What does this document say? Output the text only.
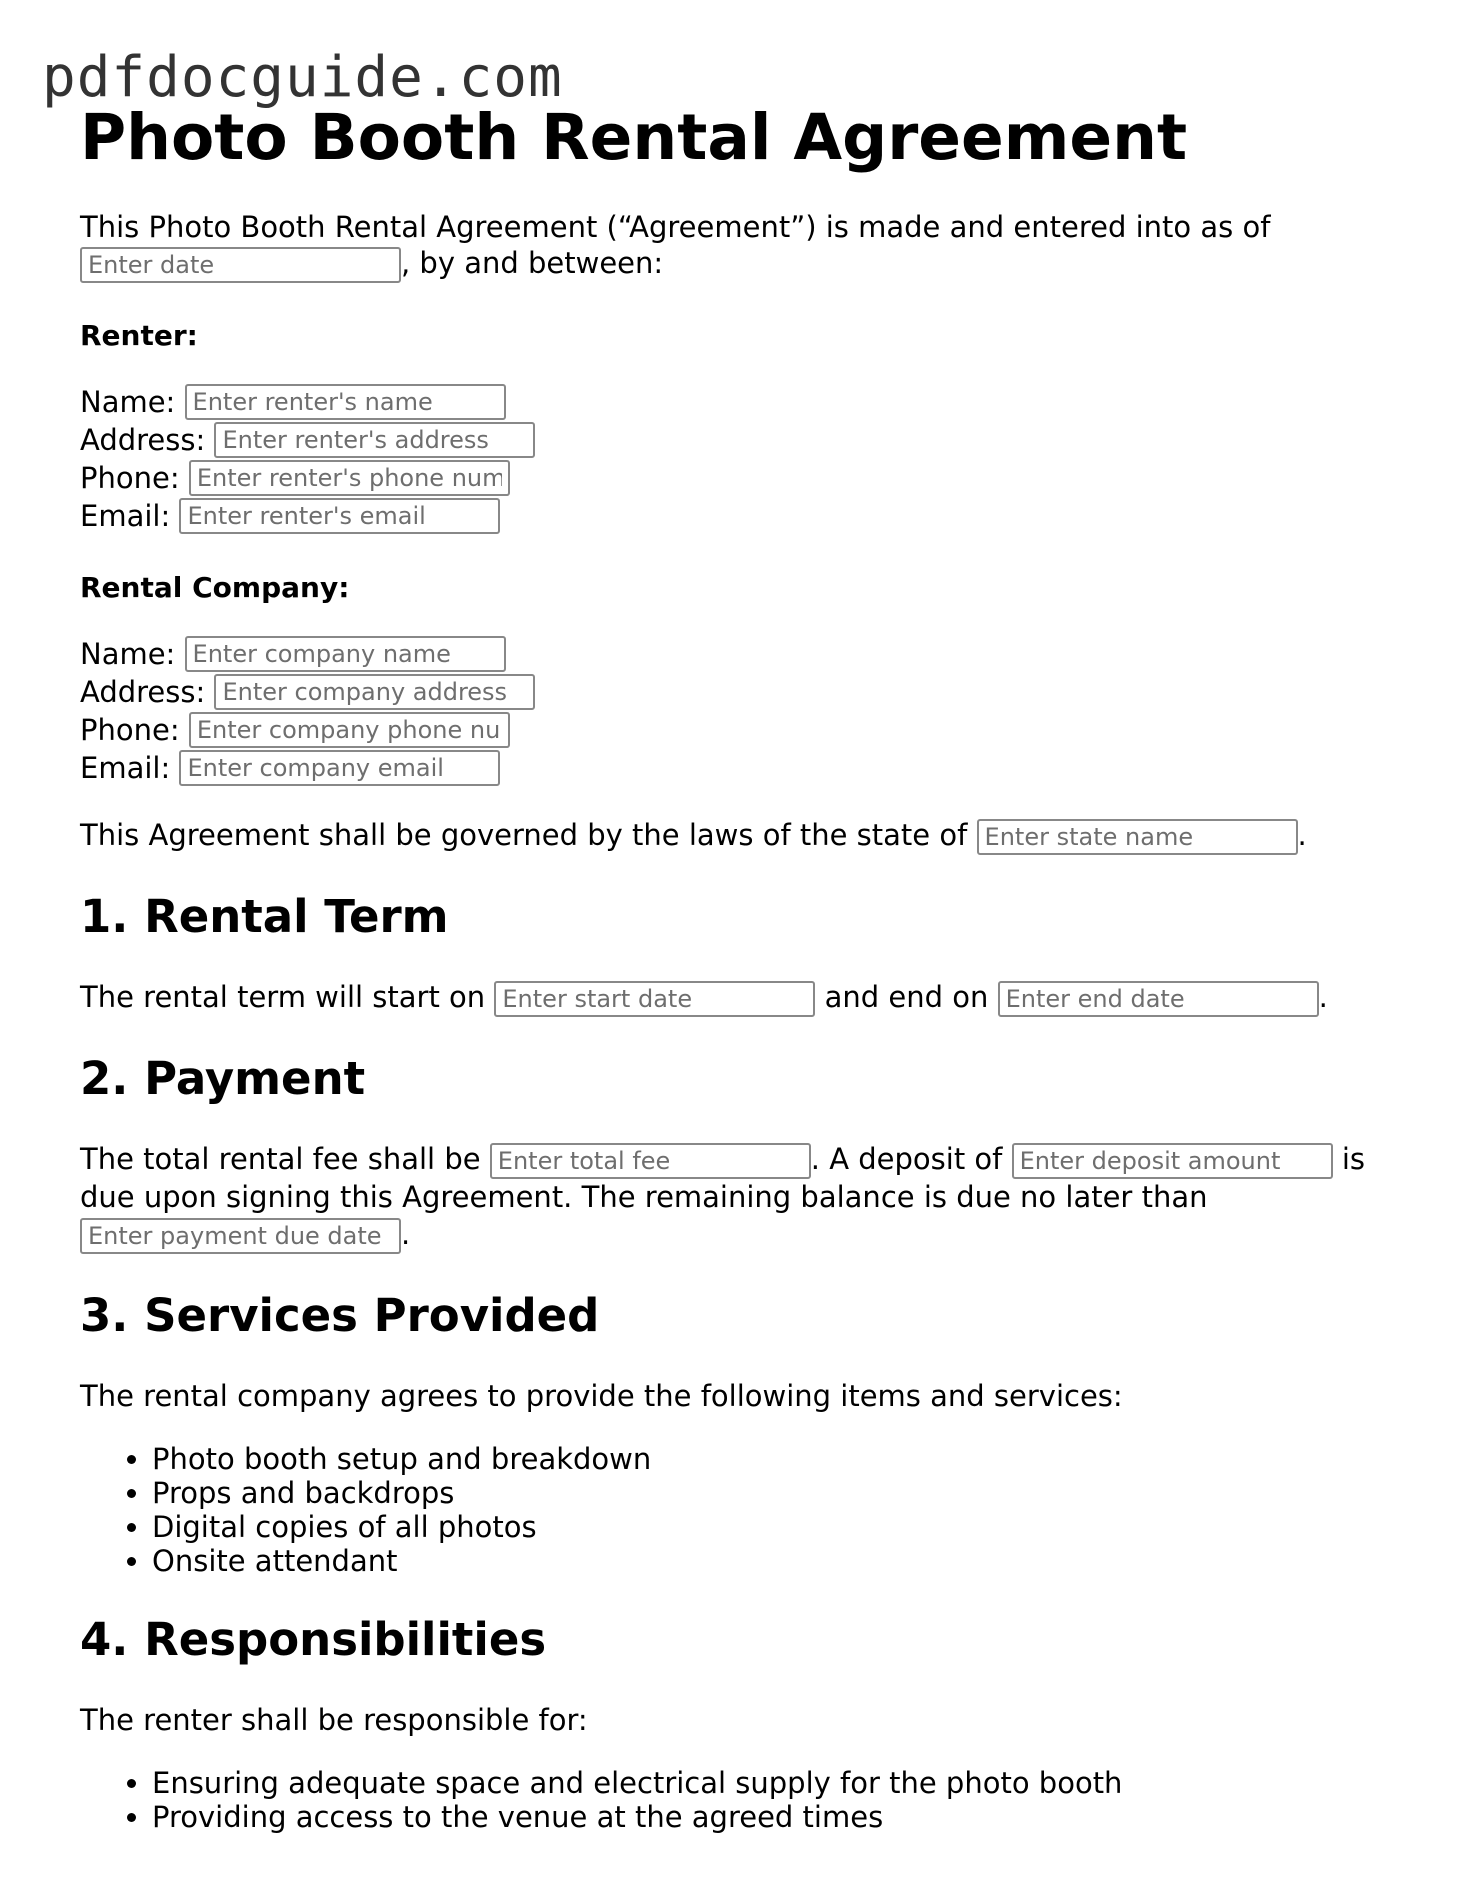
pdfdocguide.com
Photo Booth Rental Agreement

This Photo Booth Rental Agreement (“Agreement”) is made and entered into as of
Enter date, by and between:

Renter:
Name:
Enter renter's name
Address:
Enter renter's address
Phone:
Enter renter's phone number
Email:
Enter renter's email
Rental Company:
Name:
Enter company name
Address:
Enter company address
Phone:
Enter company phone number
Email:
Enter company email

This Agreement shall be governed by the laws of the state of Enter state name	.

1. Rental Term

The rental term will start on Enter start date	and end on Enter end date	.

2. Payment

The total rental fee shall be Enter total fee	. A deposit of Enter deposit amount	is due upon signing this Agreement. The remaining balance is due no later than Enter payment due date.

3. Services Provided

The rental company agrees to provide the following items and services:

• Photo booth setup and breakdown
• Props and backdrops
• Digital copies of all photos
• Onsite attendant
4. Responsibilities

The renter shall be responsible for:

• Ensuring adequate space and electrical supply for the photo booth
• Providing access to the venue at the agreed times
